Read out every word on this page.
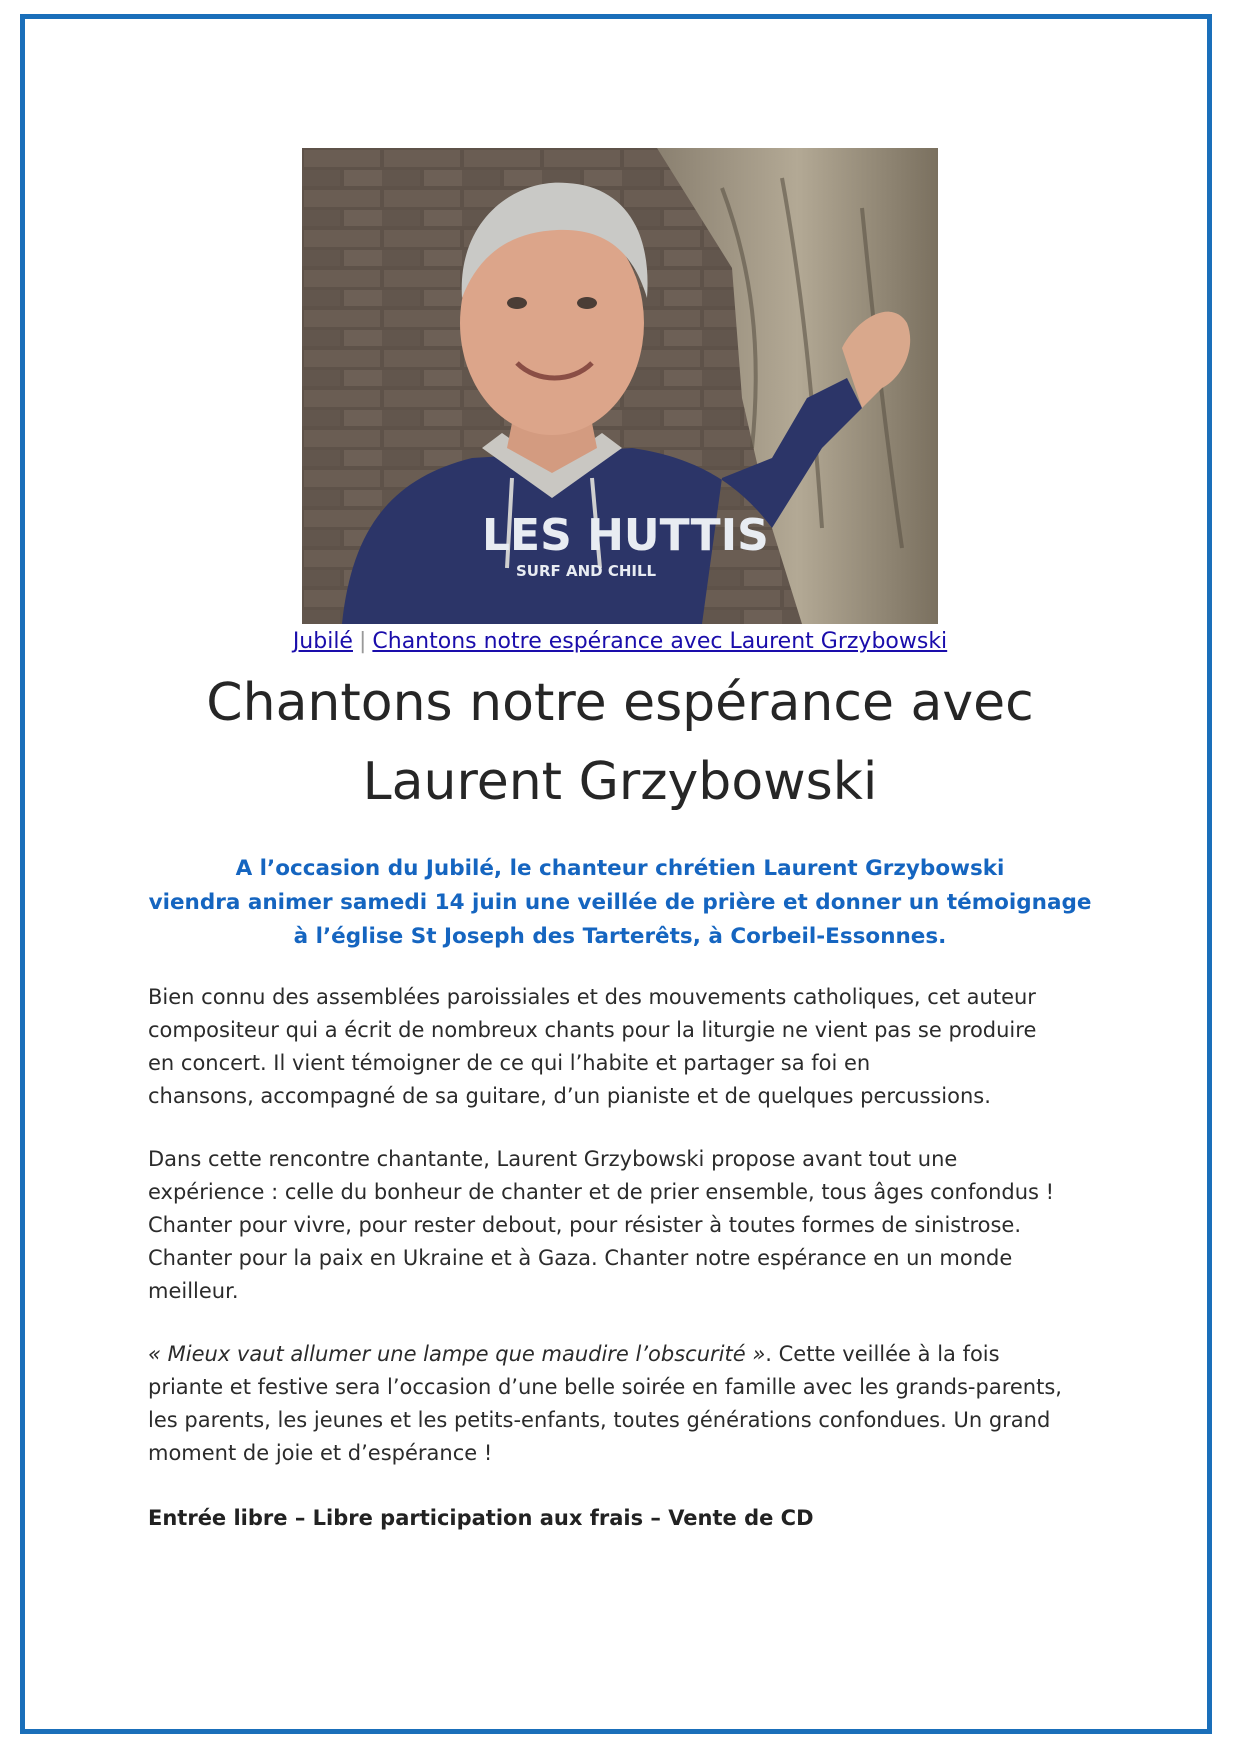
LES HUTTIS
SURF AND CHILL
Jubilé | Chantons notre espérance avec Laurent Grzybowski
Chantons notre espérance avec
Laurent Grzybowski

A l’occasion du Jubilé, le chanteur chrétien Laurent Grzybowski
viendra animer samedi 14 juin une veillée de prière et donner un témoignage
à l’église St Joseph des Tarterêts, à Corbeil-Essonnes.

Bien connu des assemblées paroissiales et des mouvements catholiques, cet auteur
compositeur qui a écrit de nombreux chants pour la liturgie ne vient pas se produire
en concert. Il vient témoigner de ce qui l’habite et partager sa foi en
chansons, accompagné de sa guitare, d’un pianiste et de quelques percussions.

Dans cette rencontre chantante, Laurent Grzybowski propose avant tout une
expérience : celle du bonheur de chanter et de prier ensemble, tous âges confondus !
Chanter pour vivre, pour rester debout, pour résister à toutes formes de sinistrose.
Chanter pour la paix en Ukraine et à Gaza. Chanter notre espérance en un monde
meilleur.

« Mieux vaut allumer une lampe que maudire l’obscurité ». Cette veillée à la fois
priante et festive sera l’occasion d’une belle soirée en famille avec les grands-parents,
les parents, les jeunes et les petits-enfants, toutes générations confondues. Un grand
moment de joie et d’espérance !

Entrée libre – Libre participation aux frais – Vente de CD
